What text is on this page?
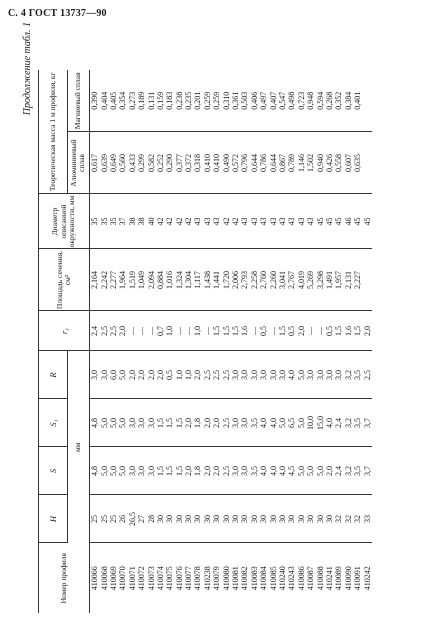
С. 4 ГОСТ 13737—90
Продолжение табл. 1
Номер профиля	H	S	S₁	R	r₁	Площадь сечения, см²	Диаметр описанной окружности, мм	Теоретическая масса 1 м профиля, кг	
	мм							Алюминиевый сплав	Магниевый сплав
410066	25	4,8	4,8	3,0	2,4	2,164	35	0,617	0,390
410068	25	5,0	5,0	3,0	2,5	2,242	35	0,639	0,404
410069	25	5,0	5,0	6,0	2,5	2,277	35	0,649	0,405
410070	26	5,0	5,0	5,0	2,0	1,964	37	0,560	0,354
410071	26,5	3,0	3,0	2,0	—	1,519	38	0,433	0,273
410072	27	3,0	3,0	2,0	—	1,049	38	0,299	0,189
410073	28	3,0	3,0	2,0	—	2,094	40	0,582	0,131
410074	30	1,5	1,5	2,0	0,7	0,884	42	0,252	0,159
410075	30	1,5	1,5	0,5	1,0	1,016	42	0,290	0,183
410076	30	1,5	1,5	1,0	—	1,324	42	0,377	0,238
410077	30	2,0	2,0	1,0	—	1,304	42	0,372	0,235
410078	30	1,8	1,8	2,0	1,0	1,117	43	0,318	0,201
410238	30	2,0	2,0	2,5	—	1,438	43	0,410	0,259
410079	30	2,0	2,0	2,5	1,5	1,441	43	0,410	0,259
410080	30	2,5	2,5	2,5	1,5	1,720	42	0,490	0,310
410081	30	3,0	3,0	3,0	1,5	2,006	42	0,572	0,361
410082	30	3,0	3,0	3,0	1,6	2,793	43	0,796	0,503
410083	30	3,5	3,5	3,0	—	2,258	43	0,644	0,406
410084	30	4,0	4,0	3,0	0,5	2,760	43	0,786	0,497
410085	30	4,0	4,0	3,0	—	2,260	43	0,644	0,407
410240	30	4,0	5,0	3,0	1,5	3,041	43	0,867	0,547
410243	30	4,5	6,5	4,0	0,5	2,767	43	0,789	0,498
410086	30	5,0	5,0	5,0	2,0	4,019	43	1,146	0,723
410087	30	5,0	10,0	3,0	—	5,269	43	1,502	0,948
410088	30	5,0	15,0	3,0	—	3,298	45	0,940	0,594
410241	30	2,0	4,0	3,0	0,5	1,491	45	0,426	0,268
410089	32	2,4	2,4	3,0	1,5	1,957	45	0,558	0,352
410090	32	3,2	3,2	3,2	1,6	2,131	46	0,607	0,384
410091	32	3,5	3,5	3,5	1,5	2,227	45	0,635	0,401
410242	33	3,7	3,7	2,5	2,0		45		
